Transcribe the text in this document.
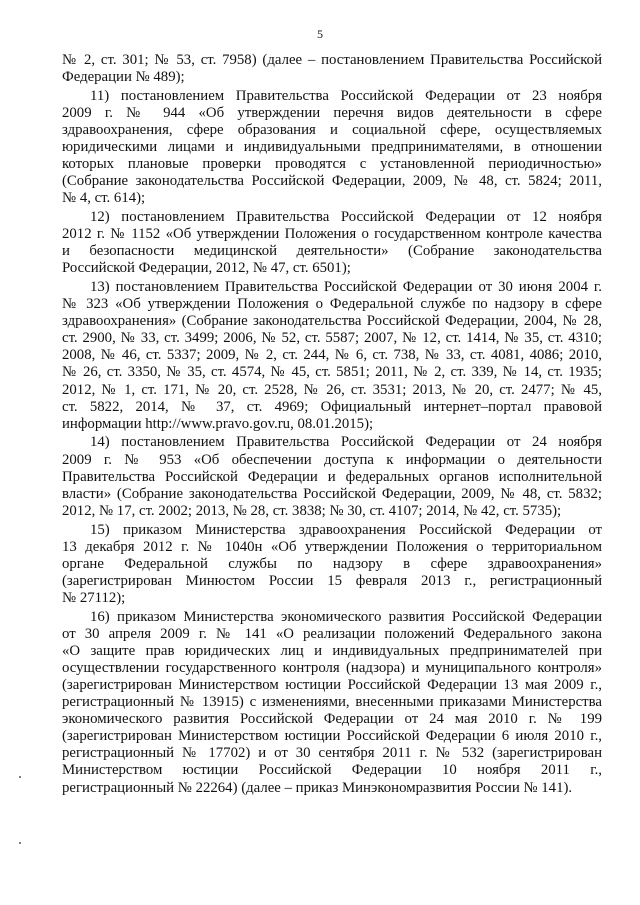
5
№ 2, ст. 301; № 53, ст. 7958) (далее – постановлением Правительства Российской
Федерации № 489);
11) постановлением Правительства Российской Федерации от 23 ноября
2009 г. № 944 «Об утверждении перечня видов деятельности в сфере
здравоохранения, сфере образования и социальной сфере, осуществляемых
юридическими лицами и индивидуальными предпринимателями, в отношении
которых плановые проверки проводятся с установленной периодичностью»
(Собрание законодательства Российской Федерации, 2009, № 48, ст. 5824; 2011,
№ 4, ст. 614);
12) постановлением Правительства Российской Федерации от 12 ноября
2012 г. № 1152 «Об утверждении Положения о государственном контроле качества
и безопасности медицинской деятельности» (Собрание законодательства
Российской Федерации, 2012, № 47, ст. 6501);
13) постановлением Правительства Российской Федерации от 30 июня 2004 г.
№ 323 «Об утверждении Положения о Федеральной службе по надзору в сфере
здравоохранения» (Собрание законодательства Российской Федерации, 2004, № 28,
ст. 2900, № 33, ст. 3499; 2006, № 52, ст. 5587; 2007, № 12, ст. 1414, № 35, ст. 4310;
2008, № 46, ст. 5337; 2009, № 2, ст. 244, № 6, ст. 738, № 33, ст. 4081, 4086; 2010,
№ 26, ст. 3350, № 35, ст. 4574, № 45, ст. 5851; 2011, № 2, ст. 339, № 14, ст. 1935;
2012, № 1, ст. 171, № 20, ст. 2528, № 26, ст. 3531; 2013, № 20, ст. 2477; № 45,
ст. 5822, 2014, № 37, ст. 4969; Официальный интернет–портал правовой
информации http://www.pravo.gov.ru, 08.01.2015);
14) постановлением Правительства Российской Федерации от 24 ноября
2009 г. № 953 «Об обеспечении доступа к информации о деятельности
Правительства Российской Федерации и федеральных органов исполнительной
власти» (Собрание законодательства Российской Федерации, 2009, № 48, ст. 5832;
2012, № 17, ст. 2002; 2013, № 28, ст. 3838; № 30, ст. 4107; 2014, № 42, ст. 5735);
15) приказом Министерства здравоохранения Российской Федерации от
13 декабря 2012 г. № 1040н «Об утверждении Положения о территориальном
органе Федеральной службы по надзору в сфере здравоохранения»
(зарегистрирован Минюстом России 15 февраля 2013 г., регистрационный
№ 27112);
16) приказом Министерства экономического развития Российской Федерации
от 30 апреля 2009 г. № 141 «О реализации положений Федерального закона
«О защите прав юридических лиц и индивидуальных предпринимателей при
осуществлении государственного контроля (надзора) и муниципального контроля»
(зарегистрирован Министерством юстиции Российской Федерации 13 мая 2009 г.,
регистрационный № 13915) с изменениями, внесенными приказами Министерства
экономического развития Российской Федерации от 24 мая 2010 г. № 199
(зарегистрирован Министерством юстиции Российской Федерации 6 июля 2010 г.,
регистрационный № 17702) и от 30 сентября 2011 г. № 532 (зарегистрирован
Министерством юстиции Российской Федерации 10 ноября 2011 г.,
регистрационный № 22264) (далее – приказ Минэкономразвития России № 141).
